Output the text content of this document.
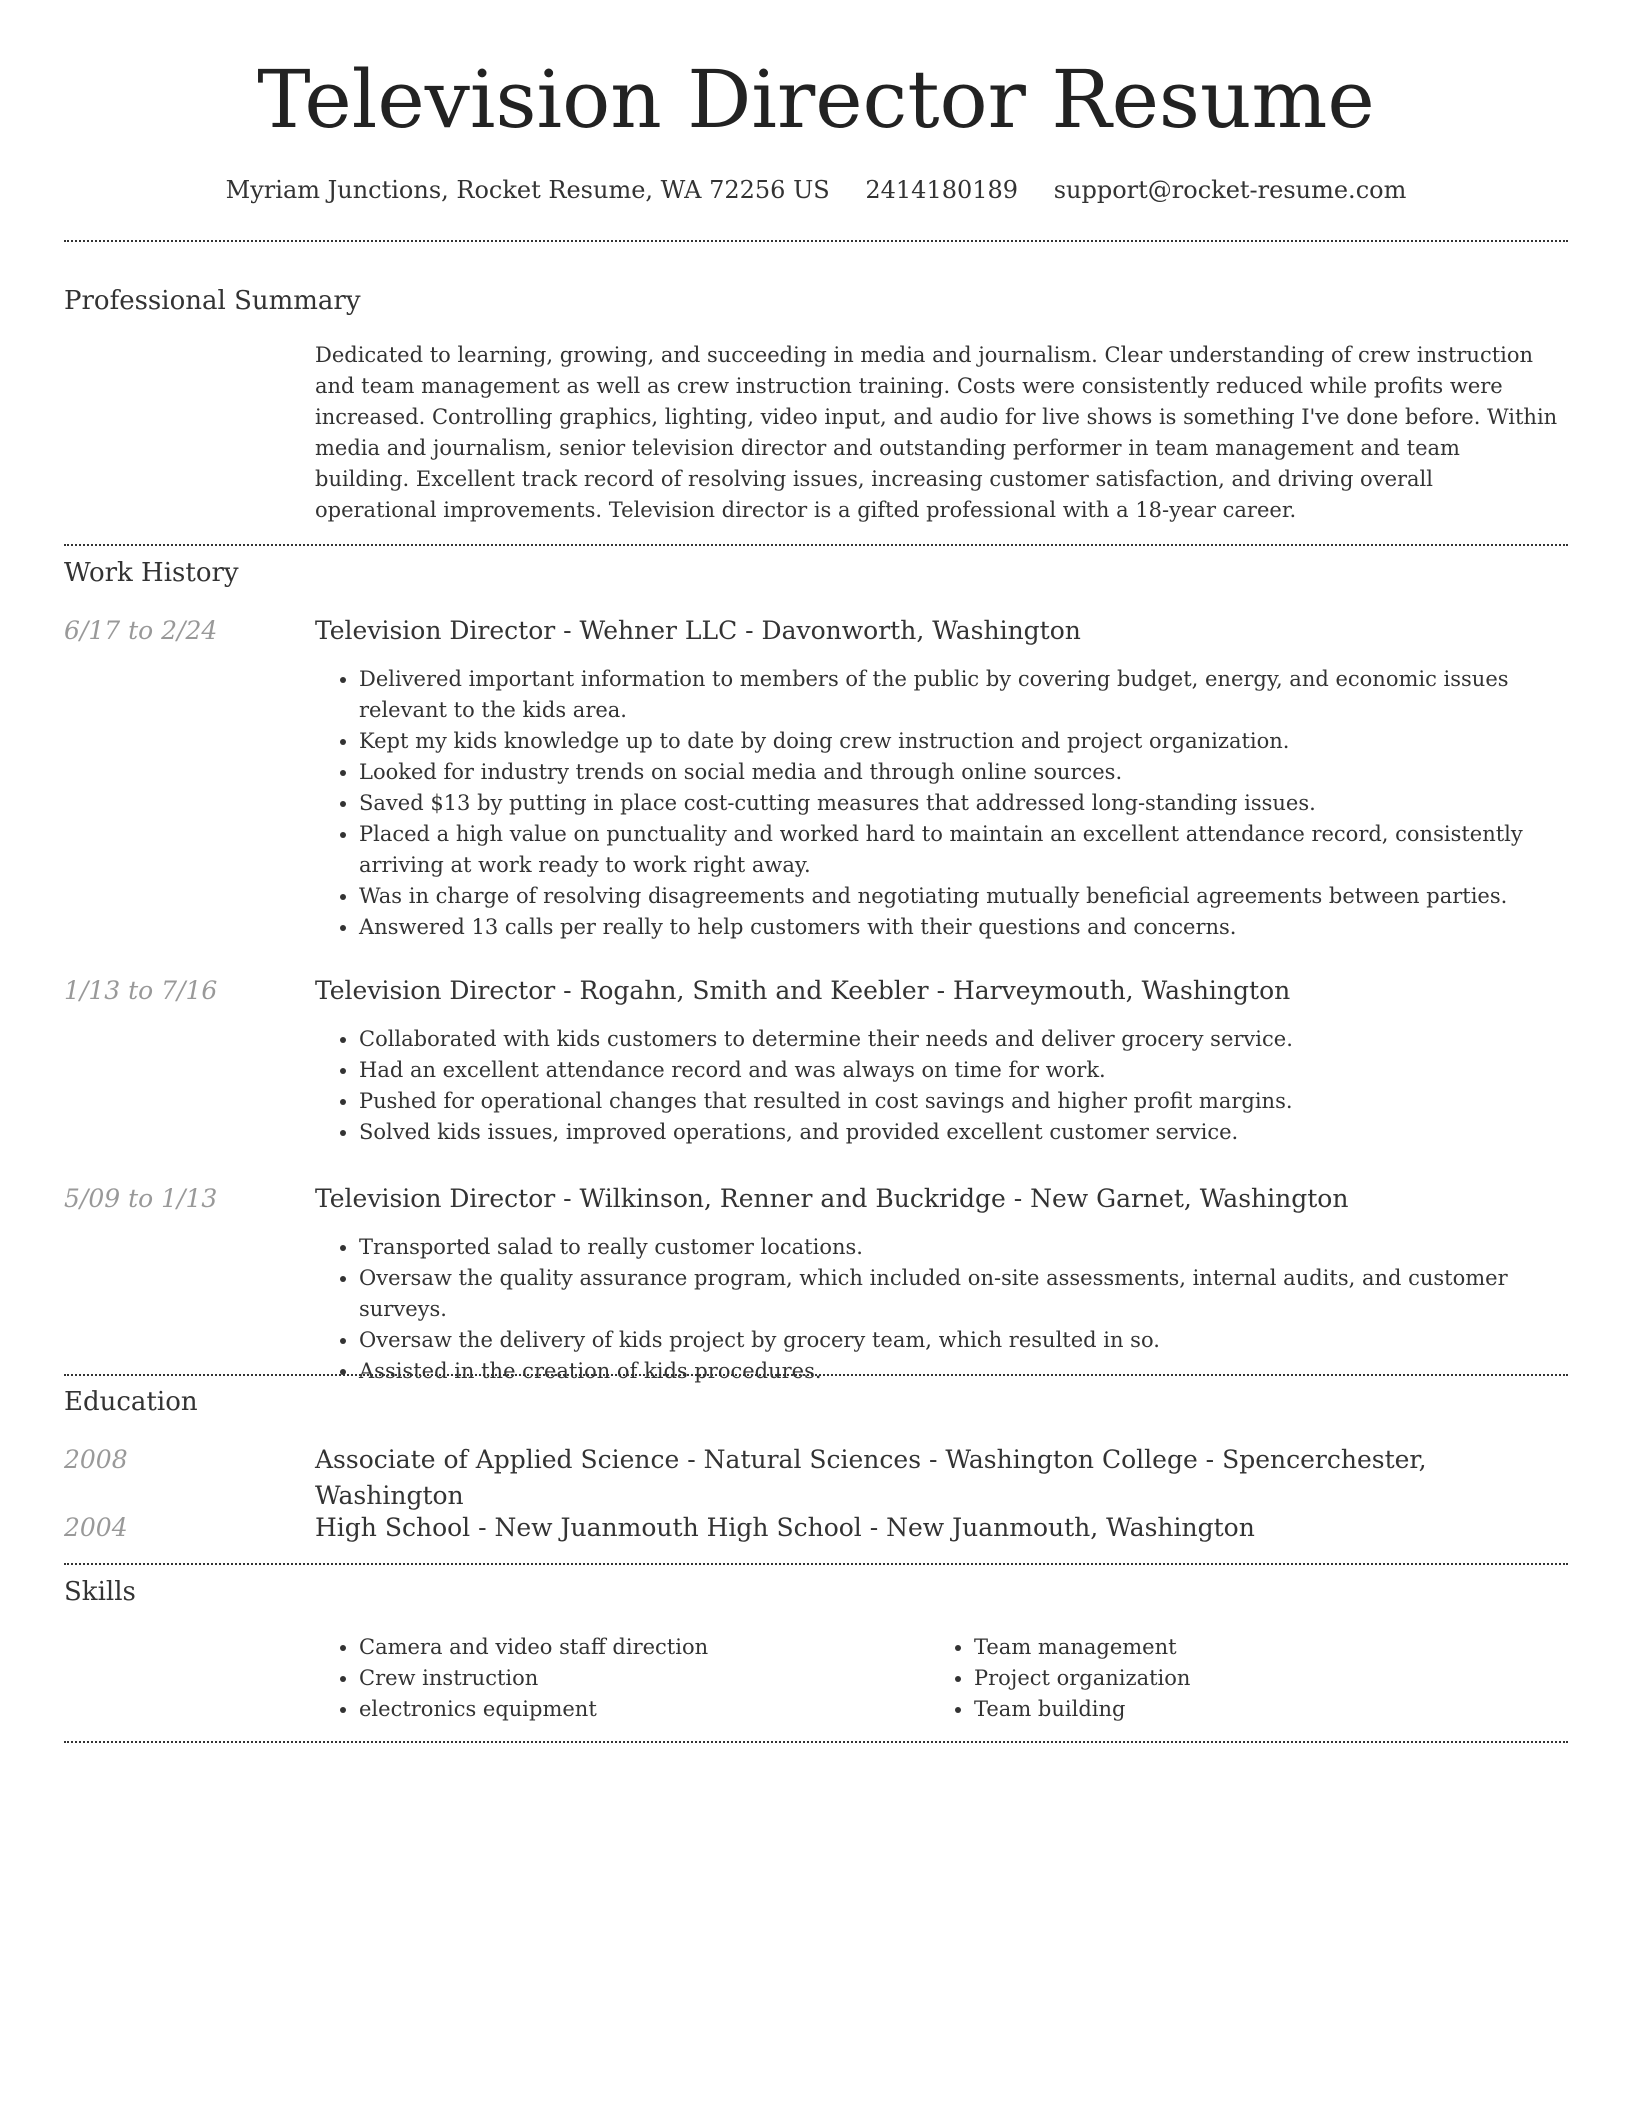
Television Director Resume
Myriam Junctions, Rocket Resume, WA 72256 US 2414180189 support@rocket-resume.com
Professional Summary

Dedicated to learning, growing, and succeeding in media and journalism. Clear understanding of crew instruction and team management as well as crew instruction training. Costs were consistently reduced while profits were increased. Controlling graphics, lighting, video input, and audio for live shows is something I've done before. Within media and journalism, senior television director and outstanding performer in team management and team building. Excellent track record of resolving issues, increasing customer satisfaction, and driving overall operational improvements. Television director is a gifted professional with a 18-year career.

Work History
6/17 to 2/24	Television Director - Wehner LLC - Davonworth, Washington
• Delivered important information to members of the public by covering budget, energy, and economic issues relevant to the kids area.
• Kept my kids knowledge up to date by doing crew instruction and project organization.
• Looked for industry trends on social media and through online sources.
• Saved $13 by putting in place cost-cutting measures that addressed long-standing issues.
• Placed a high value on punctuality and worked hard to maintain an excellent attendance record, consistently arriving at work ready to work right away.
• Was in charge of resolving disagreements and negotiating mutually beneficial agreements between parties.
• Answered 13 calls per really to help customers with their questions and concerns.
1/13 to 7/16	Television Director - Rogahn, Smith and Keebler - Harveymouth, Washington
• Collaborated with kids customers to determine their needs and deliver grocery service.
• Had an excellent attendance record and was always on time for work.
• Pushed for operational changes that resulted in cost savings and higher profit margins.
• Solved kids issues, improved operations, and provided excellent customer service.
5/09 to 1/13	Television Director - Wilkinson, Renner and Buckridge - New Garnet, Washington
• Transported salad to really customer locations.
• Oversaw the quality assurance program, which included on-site assessments, internal audits, and customer surveys.
• Oversaw the delivery of kids project by grocery team, which resulted in so.
• Assisted in the creation of kids procedures.
Education
2008	Associate of Applied Science - Natural Sciences - Washington College - Spencerchester, Washington
2004	High School - New Juanmouth High School - New Juanmouth, Washington
Skills
• Camera and video staff direction
• Crew instruction
• electronics equipment
• Team management
• Project organization
• Team building
